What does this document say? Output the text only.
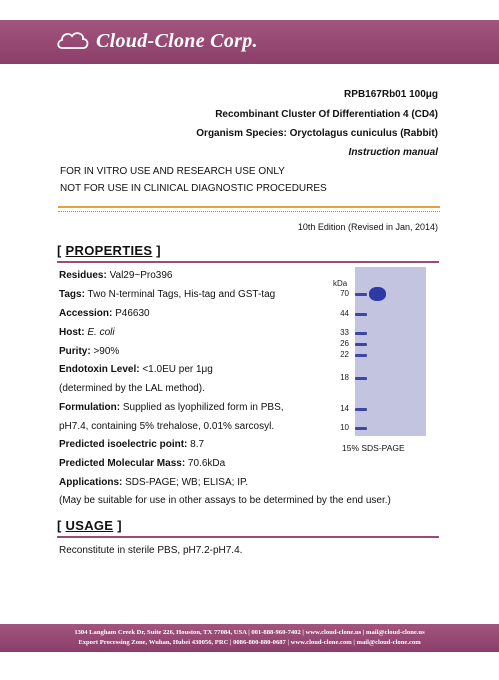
Cloud-Clone Corp.
RPB167Rb01 100μg
Recombinant Cluster Of Differentiation 4 (CD4)
Organism Species: Oryctolagus cuniculus (Rabbit)
Instruction manual
FOR IN VITRO USE AND RESEARCH USE ONLY
NOT FOR USE IN CLINICAL DIAGNOSTIC PROCEDURES
10th Edition (Revised in Jan, 2014)
[ PROPERTIES ]
Residues: Val29~Pro396
Tags: Two N-terminal Tags, His-tag and GST-tag
Accession: P46630
Host: E. coli
Purity: >90%
Endotoxin Level: <1.0EU per 1μg
(determined by the LAL method).
Formulation: Supplied as lyophilized form in PBS,
pH7.4, containing 5% trehalose, 0.01% sarcosyl.
Predicted isoelectric point: 8.7
Predicted Molecular Mass: 70.6kDa
Applications: SDS-PAGE; WB; ELISA; IP.
(May be suitable for use in other assays to be determined by the end user.)
kDa
70
44
33
26
22
18
14
10
15% SDS-PAGE
[ USAGE ]
Reconstitute in sterile PBS, pH7.2-pH7.4.
1304 Langham Creek Dr, Suite 226, Houston, TX 77084, USA | 001-888-960-7402 | www.cloud-clone.us | mail@cloud-clone.us
Export Processing Zone, Wuhan, Hubei 430056, PRC | 0086-800-880-0687 | www.cloud-clone.com | mail@cloud-clone.com
